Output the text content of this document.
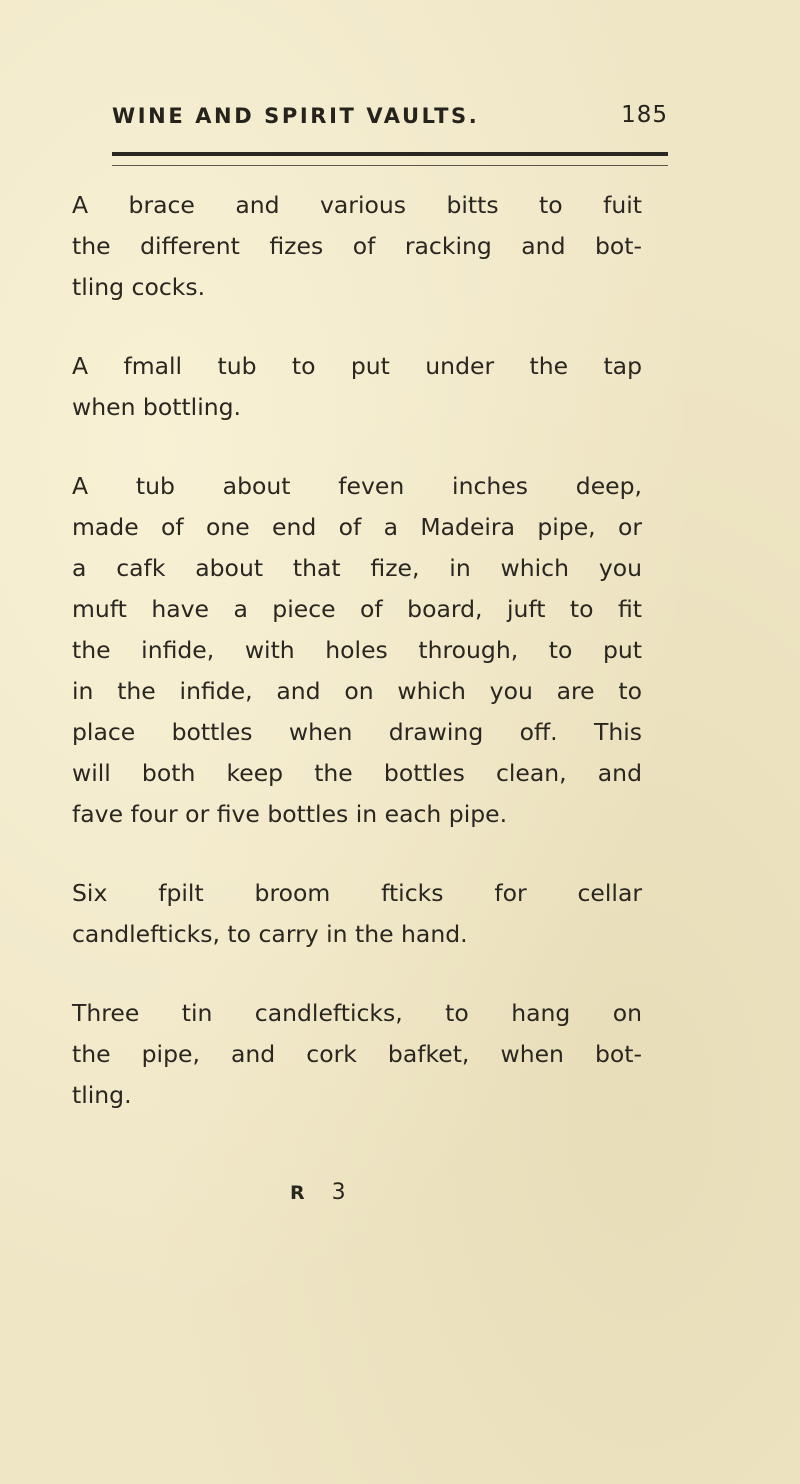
WINE AND SPIRIT VAULTS.	185

A brace and various bitts to fuit
the different fizes of racking and bot-
tling cocks.

A fmall tub to put under the tap
when bottling.

A tub about feven inches deep,
made of one end of a Madeira pipe, or
a cafk about that fize, in which you
muft have a piece of board, juft to fit
the infide, with holes through, to put
in the infide, and on which you are to
place bottles when drawing off. This
will both keep the bottles clean, and
fave four or five bottles in each pipe.

Six fpilt broom fticks for cellar
candlefticks, to carry in the hand.

Three tin candlefticks, to hang on
the pipe, and cork bafket, when bot-
tling.

R 3
